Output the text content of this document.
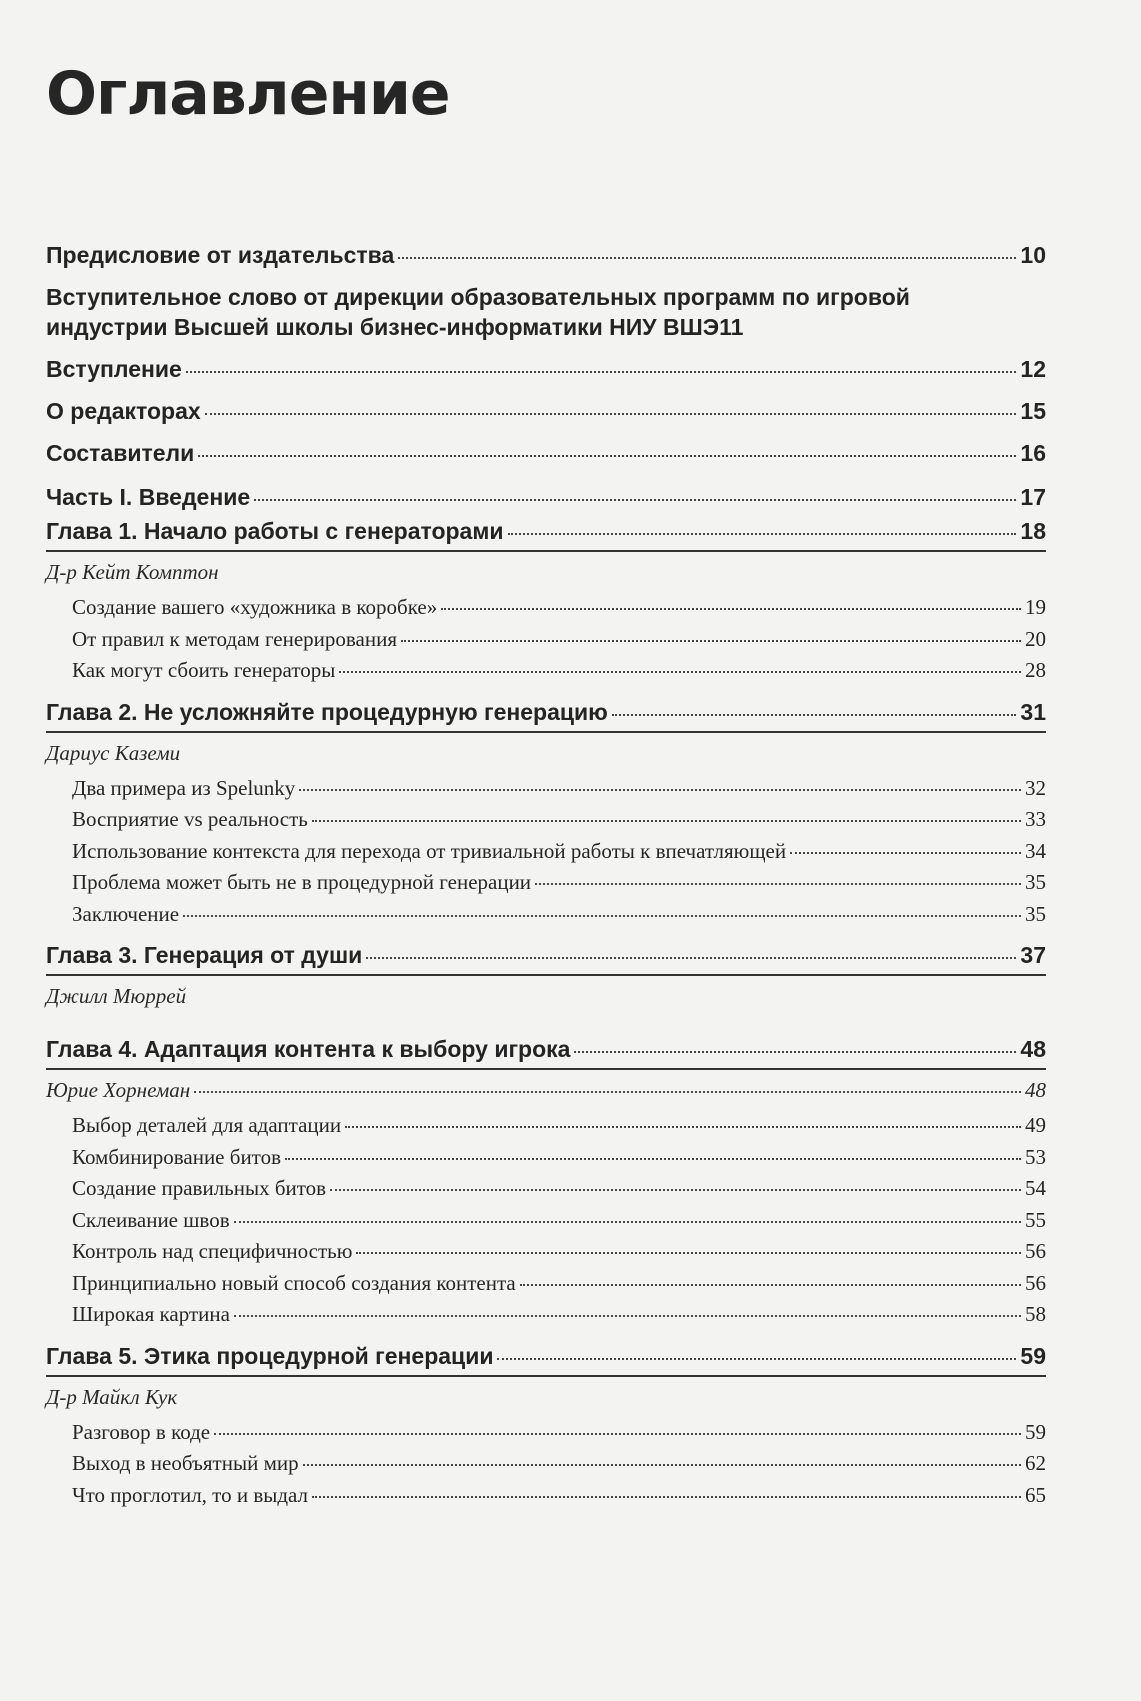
Оглавление
Предисловие от издательства	10
Вступительное слово от дирекции образовательных программ по игровой
индустрии Высшей школы бизнес-информатики НИУ ВШЭ 11
Вступление	12
О редакторах	15
Составители	16
Часть I. Введение	17
Глава 1. Начало работы с генераторами	18
Д-р Кейт Комптон
Создание вашего «художника в коробке»	19
От правил к методам генерирования	20
Как могут сбоить генераторы	28
Глава 2. Не усложняйте процедурную генерацию	31
Дариус Каземи
Два примера из Spelunky	32
Восприятие vs реальность	33
Использование контекста для перехода от тривиальной работы к впечатляющей	34
Проблема может быть не в процедурной генерации	35
Заключение	35
Глава 3. Генерация от души	37
Джилл Мюррей
Глава 4. Адаптация контента к выбору игрока	48
Юрие Хорнеман	48
Выбор деталей для адаптации	49
Комбинирование битов	53
Создание правильных битов	54
Склеивание швов	55
Контроль над специфичностью	56
Принципиально новый способ создания контента	56
Широкая картина	58
Глава 5. Этика процедурной генерации	59
Д-р Майкл Кук
Разговор в коде	59
Выход в необъятный мир	62
Что проглотил, то и выдал	65
